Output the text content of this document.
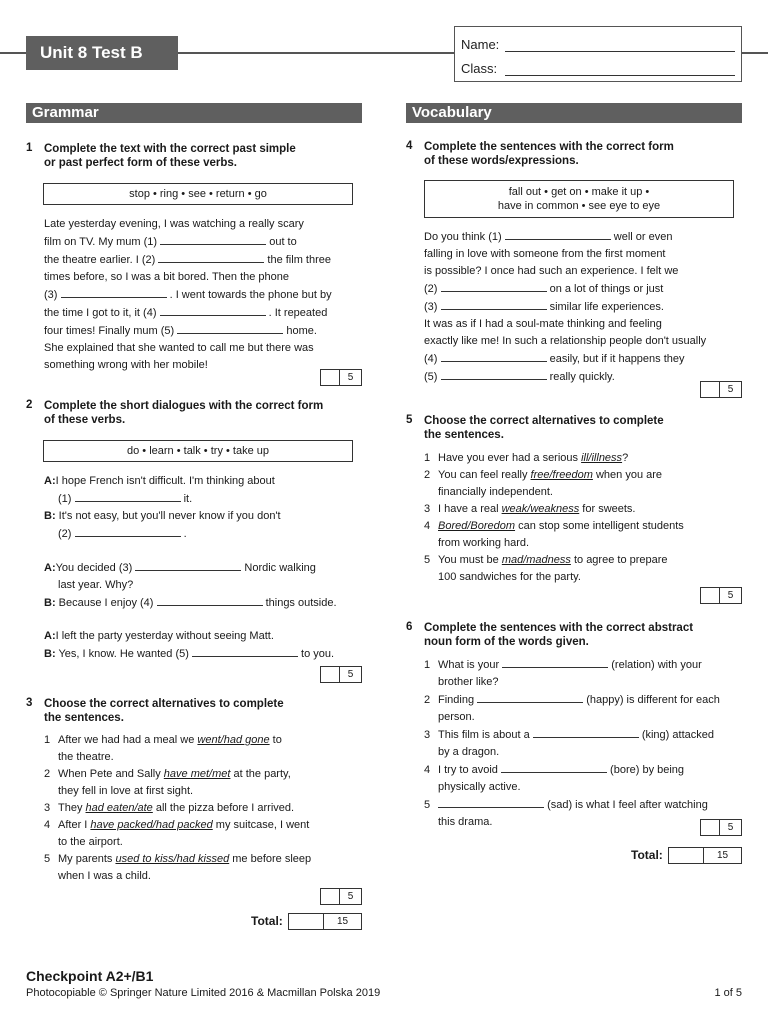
Unit 8 Test B	Name:
Class:
Grammar
1 Complete the text with the correct past simple
or past perfect form of these verbs.
stop • ring • see • return • go
Late yesterday evening, I was watching a really scary
film on TV. My mum (1)	out to
the theatre earlier. I (2)	the film three
times before, so I was a bit bored. Then the phone
(3)	. I went towards the phone but by
the time I got to it, it (4)	. It repeated
four times! Finally mum (5)	home.
She explained that she wanted to call me but there was
something wrong with her mobile!
5
2 Complete the short dialogues with the correct form
of these verbs.
do • learn • talk • try • take up
A:I hope French isn't difficult. I'm thinking about
(1)	it.
B: It's not easy, but you'll never know if you don't
(2)	.
A:You decided (3)	Nordic walking
last year. Why?
B: Because I enjoy (4)	things outside.
A:I left the party yesterday without seeing Matt.
B: Yes, I know. He wanted (5)	to you.
5
3 Choose the correct alternatives to complete
the sentences.
1 After we had had a meal we went/had gone to
the theatre.
2 When Pete and Sally have met/met at the party,
they fell in love at first sight.
3 They had eaten/ate all the pizza before I arrived.
4 After I have packed/had packed my suitcase, I went
to the airport.
5 My parents used to kiss/had kissed me before sleep
when I was a child.
5
Total:	15
Vocabulary
4 Complete the sentences with the correct form
of these words/expressions.
fall out • get on • make it up •
have in common • see eye to eye
Do you think (1)	well or even
falling in love with someone from the first moment
is possible? I once had such an experience. I felt we
(2)	on a lot of things or just
(3)	similar life experiences.
It was as if I had a soul-mate thinking and feeling
exactly like me! In such a relationship people don't usually
(4)	easily, but if it happens they
(5)	really quickly.
5
5 Choose the correct alternatives to complete
the sentences.
1 Have you ever had a serious ill/illness?
2 You can feel really free/freedom when you are
financially independent.
3 I have a real weak/weakness for sweets.
4 Bored/Boredom can stop some intelligent students
from working hard.
5 You must be mad/madness to agree to prepare
100 sandwiches for the party.
5
6 Complete the sentences with the correct abstract
noun form of the words given.
1 What is your	(relation) with your
brother like?
2 Finding	(happy) is different for each
person.
3 This film is about a	(king) attacked
by a dragon.
4 I try to avoid	(bore) by being
physically active.
5	(sad) is what I feel after watching
this drama.	5
Total:	15
Checkpoint A2+/B1
Photocopiable © Springer Nature Limited 2016 & Macmillan Polska 2019	1 of 5
